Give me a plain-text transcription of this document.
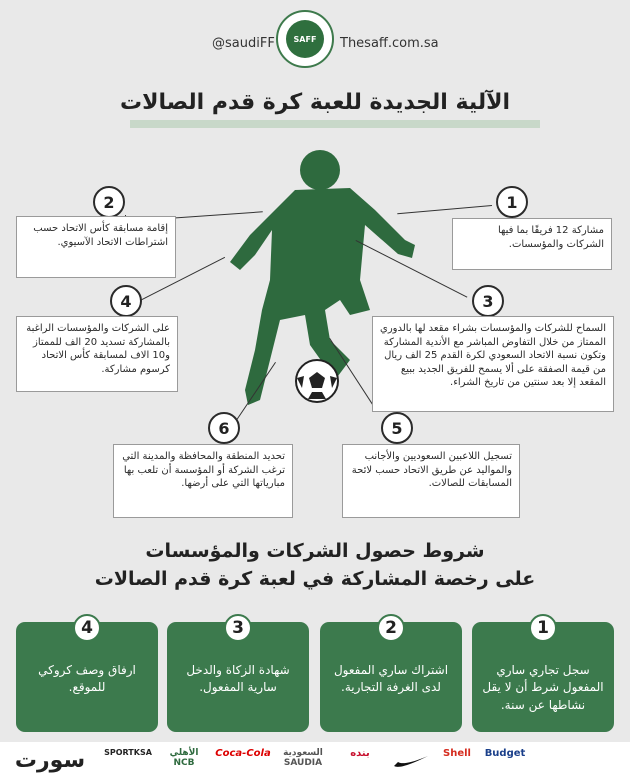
@saudiFF	SAFF	Thesaff.com.sa
الآلية الجديدة للعبة كرة قدم الصالات
1
2
3
4
5
6
مشاركة 12 فريقًا بما فيها الشركات والمؤسسات.
إقامة مسابقة كأس الاتحاد حسب اشتراطات الاتحاد الآسيوي.
السماح للشركات والمؤسسات بشراء مقعد لها بالدوري الممتاز من خلال التفاوض المباشر مع الأندية المشاركة وتكون نسبة الاتحاد السعودي لكرة القدم 25 الف ريال من قيمة الصفقة على ألا يسمح للفريق الجديد ببيع المقعد إلا بعد سنتين من تاريخ الشراء.
على الشركات والمؤسسات الراغبة بالمشاركة تسديد 20 الف للممتاز و10 الاف لمسابقة كأس الاتحاد كرسوم مشاركة.
تسجيل اللاعبين السعوديين والأجانب والمواليد عن طريق الاتحاد حسب لائحة المسابقات للصالات.
تحديد المنطقة والمحافظة والمدينة التي ترغب الشركة أو المؤسسة أن تلعب بها مبارياتها التي على أرضها.
شروط حصول الشركات والمؤسسات
على رخصة المشاركة في لعبة كرة قدم الصالات
1
سجل تجاري ساري المفعول شرط أن لا يقل نشاطها عن سنة.
2
اشتراك ساري المفعول لدى الغرفة التجارية.
3
شهادة الزكاة والدخل سارية المفعول.
4
ارفاق وصف كروكي للموقع.
Budget
Shell
بنده
السعودية SAUDIA
Coca-Cola
الأهلي NCB
SPORTKSA
سورت
